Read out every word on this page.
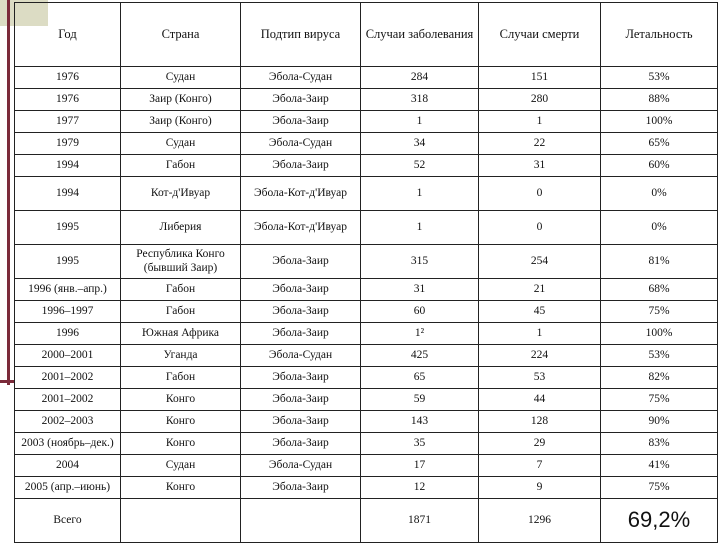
Год	Страна	Подтип вируса	Случаи заболевания	Случаи смерти	Летальность
1976	Судан	Эбола-Судан	284	151	53%
1976	Заир (Конго)	Эбола-Заир	318	280	88%
1977	Заир (Конго)	Эбола-Заир	1	1	100%
1979	Судан	Эбола-Судан	34	22	65%
1994	Габон	Эбола-Заир	52	31	60%
1994	Кот-д'Ивуар	Эбола-Кот-д'Ивуар	1	0	0%
1995	Либерия	Эбола-Кот-д'Ивуар	1	0	0%
1995	Республика Конго (бывший Заир)	Эбола-Заир	315	254	81%
1996 (янв.–апр.)	Габон	Эбола-Заир	31	21	68%
1996–1997	Габон	Эбола-Заир	60	45	75%
1996	Южная Африка	Эбола-Заир	1²	1	100%
2000–2001	Уганда	Эбола-Судан	425	224	53%
2001–2002	Габон	Эбола-Заир	65	53	82%
2001–2002	Конго	Эбола-Заир	59	44	75%
2002–2003	Конго	Эбола-Заир	143	128	90%
2003 (ноябрь–дек.)	Конго	Эбола-Заир	35	29	83%
2004	Судан	Эбола-Судан	17	7	41%
2005 (апр.–июнь)	Конго	Эбола-Заир	12	9	75%
Всего			1871	1296	69,2%
